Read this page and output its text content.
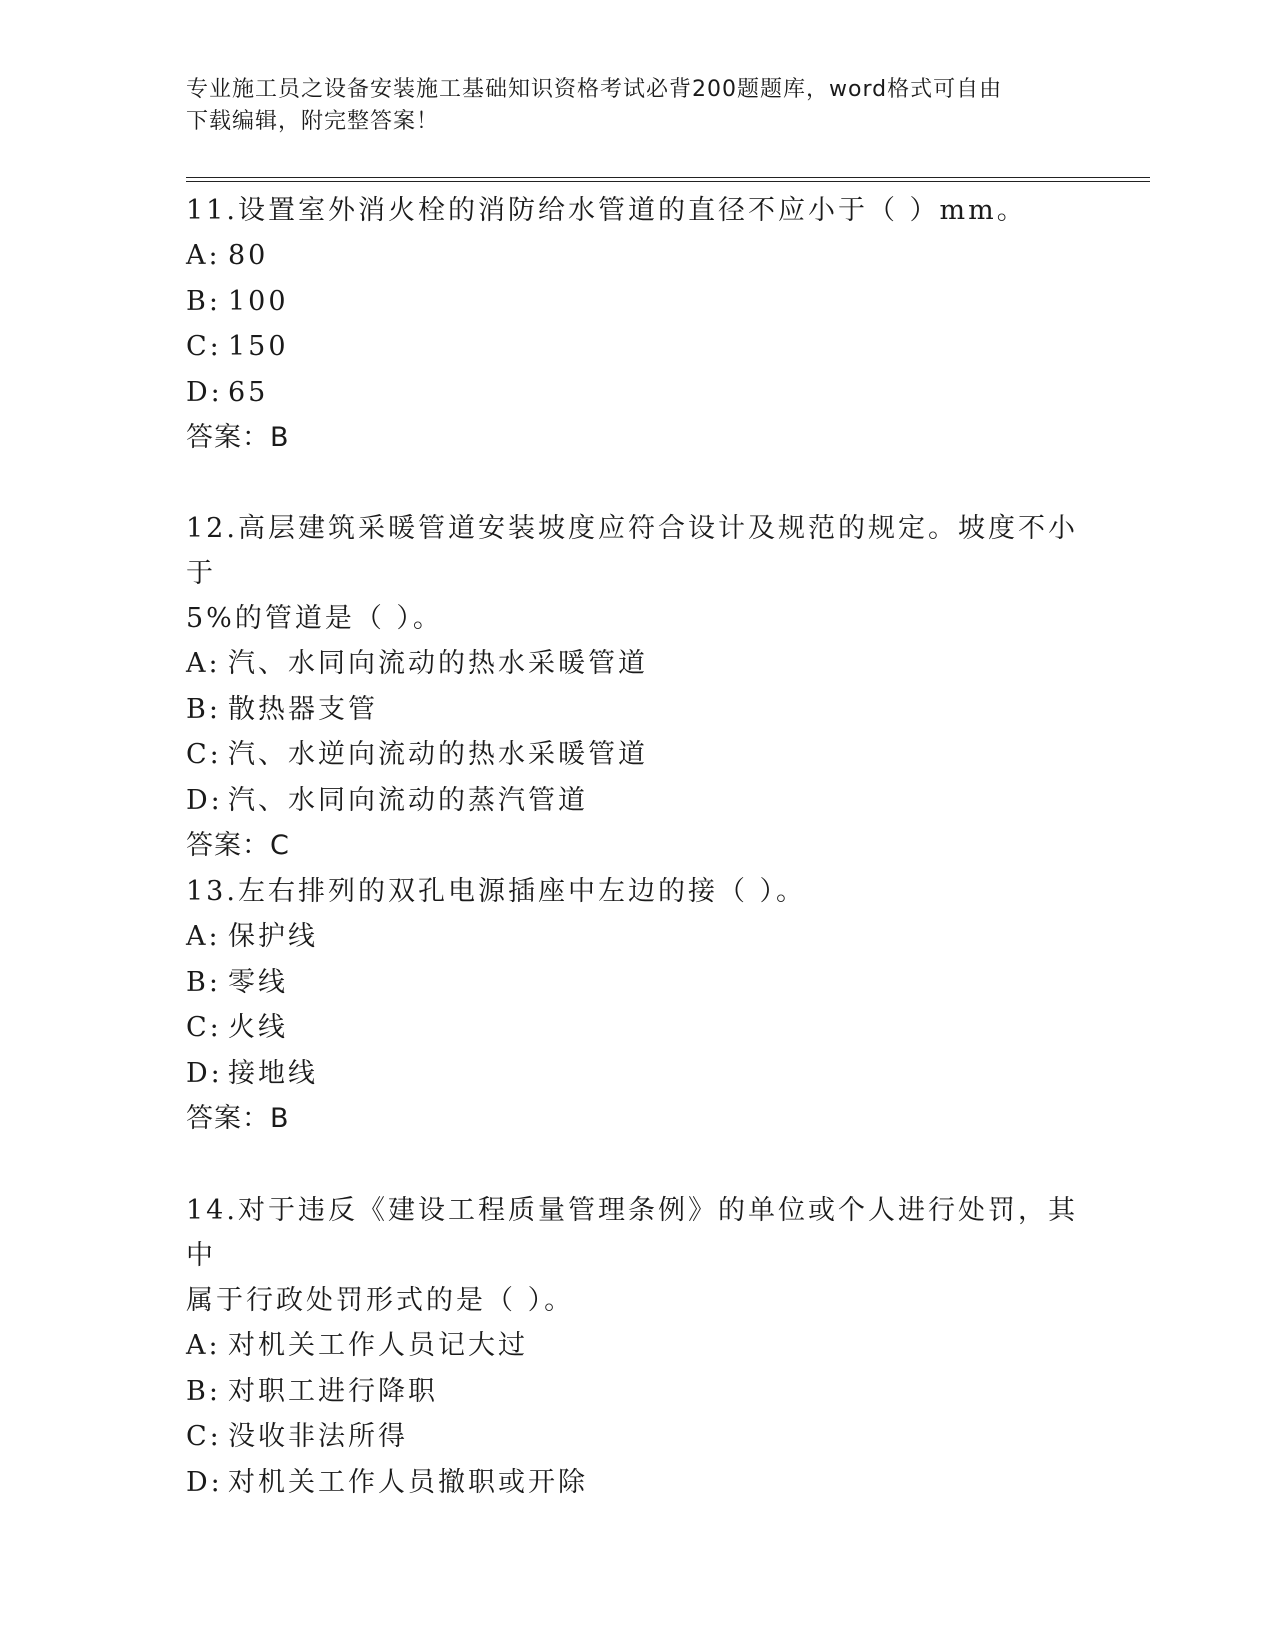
专业施工员之设备安装施工基础知识资格考试必背200题题库，word格式可自由
下载编辑，附完整答案！

11.设置室外消火栓的消防给水管道的直径不应小于（ ）mm。

A: 80

B: 100

C: 150

D: 65

答案：B

12.高层建筑采暖管道安装坡度应符合设计及规范的规定。坡度不小于

5%的管道是（ ）。

A: 汽、水同向流动的热水采暖管道

B: 散热器支管

C: 汽、水逆向流动的热水采暖管道

D: 汽、水同向流动的蒸汽管道

答案：C

13.左右排列的双孔电源插座中左边的接（ ）。

A: 保护线

B: 零线

C: 火线

D: 接地线

答案：B

14.对于违反《建设工程质量管理条例》的单位或个人进行处罚，其中

属于行政处罚形式的是（ ）。

A: 对机关工作人员记大过

B: 对职工进行降职

C: 没收非法所得

D: 对机关工作人员撤职或开除
